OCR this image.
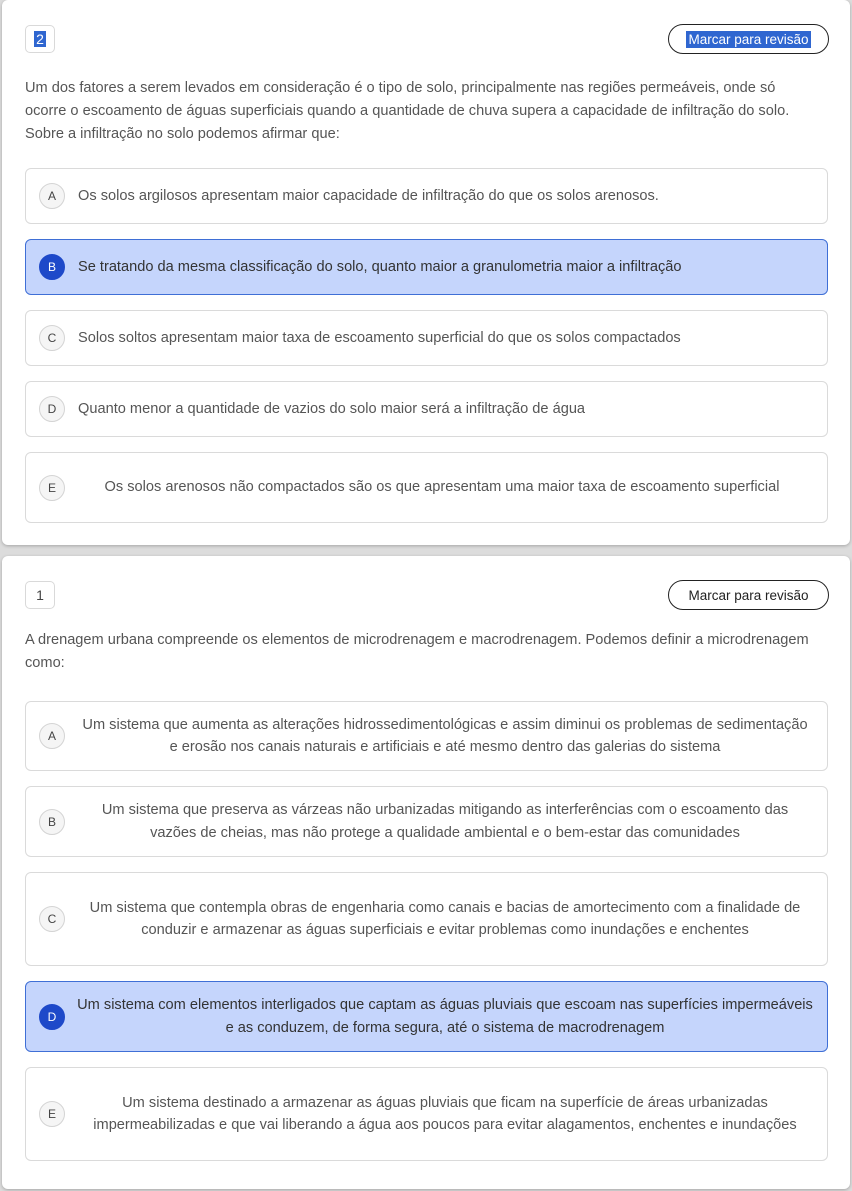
2	Marcar para revisão
Um dos fatores a serem levados em consideração é o tipo de solo, principalmente nas regiões permeáveis, onde só ocorre o escoamento de águas superficiais quando a quantidade de chuva supera a capacidade de infiltração do solo. Sobre a infiltração no solo podemos afirmar que:
A	Os solos argilosos apresentam maior capacidade de infiltração do que os solos arenosos.
B	Se tratando da mesma classificação do solo, quanto maior a granulometria maior a infiltração
C	Solos soltos apresentam maior taxa de escoamento superficial do que os solos compactados
D	Quanto menor a quantidade de vazios do solo maior será a infiltração de água
E	Os solos arenosos não compactados são os que apresentam uma maior taxa de escoamento superficial
1	Marcar para revisão
A drenagem urbana compreende os elementos de microdrenagem e macrodrenagem. Podemos definir a microdrenagem como:
A
Um sistema que aumenta as alterações hidrossedimentológicas e assim diminui os problemas de sedimentação e erosão nos canais naturais e artificiais e até mesmo dentro das galerias do sistema
B
Um sistema que preserva as várzeas não urbanizadas mitigando as interferências com o escoamento das vazões de cheias, mas não protege a qualidade ambiental e o bem-estar das comunidades
C
Um sistema que contempla obras de engenharia como canais e bacias de amortecimento com a finalidade de conduzir e armazenar as águas superficiais e evitar problemas como inundações e enchentes
D
Um sistema com elementos interligados que captam as águas pluviais que escoam nas superfícies impermeáveis e as conduzem, de forma segura, até o sistema de macrodrenagem
E
Um sistema destinado a armazenar as águas pluviais que ficam na superfície de áreas urbanizadas impermeabilizadas e que vai liberando a água aos poucos para evitar alagamentos, enchentes e inundações
